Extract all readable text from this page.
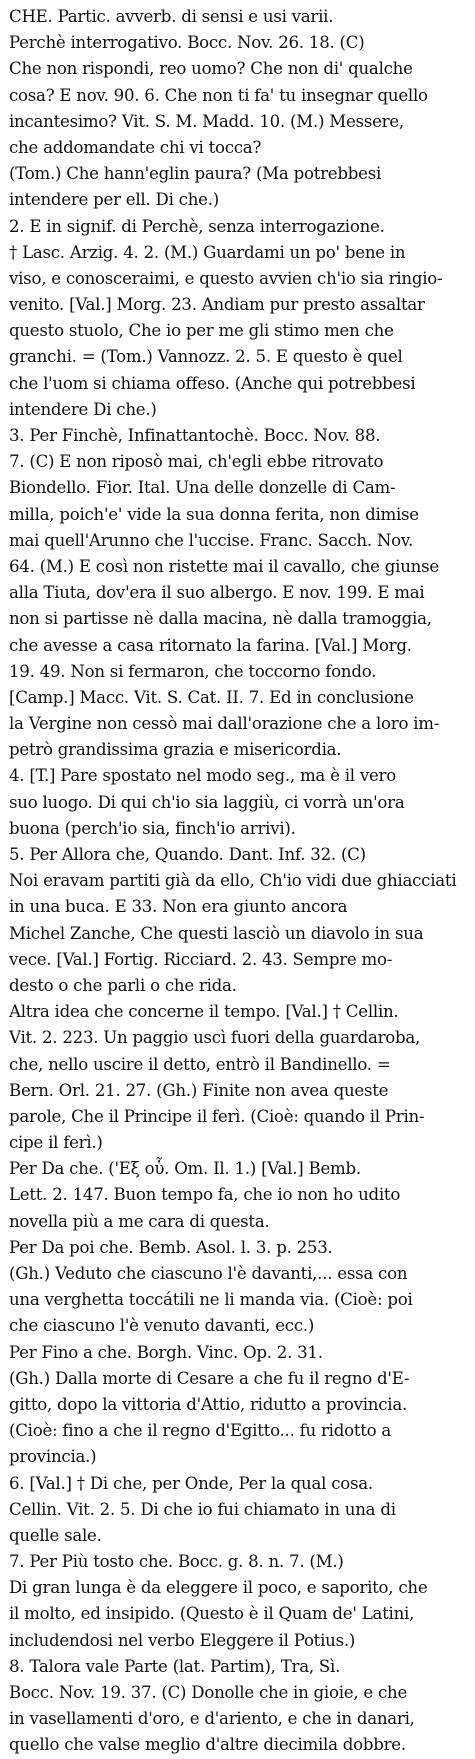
CHE. Partic. avverb. di sensi e usi varii.
Perchè interrogativo. Bocc. Nov. 26. 18. (C)
Che non rispondi, reo uomo? Che non di' qualche
cosa? E nov. 90. 6. Che non ti fa' tu insegnar quello
incantesimo? Vit. S. M. Madd. 10. (M.) Messere,
che addomandate chi vi tocca?
(Tom.) Che hann'eglin paura? (Ma potrebbesi
intendere per ell. Di che.)
2. E in signif. di Perchè, senza interrogazione.
† Lasc. Arzig. 4. 2. (M.) Guardami un po' bene in
viso, e conosceraimi, e questo avvien ch'io sia ringio-
venito. [Val.] Morg. 23. Andiam pur presto assaltar
questo stuolo, Che io per me gli stimo men che
granchi. = (Tom.) Vannozz. 2. 5. E questo è quel
che l'uom si chiama offeso. (Anche qui potrebbesi
intendere Di che.)
3. Per Finchè, Infinattantochè. Bocc. Nov. 88.
7. (C) E non riposò mai, ch'egli ebbe ritrovato
Biondello. Fior. Ital. Una delle donzelle di Cam-
milla, poich'e' vide la sua donna ferita, non dimise
mai quell'Arunno che l'uccise. Franc. Sacch. Nov.
64. (M.) E così non ristette mai il cavallo, che giunse
alla Tiuta, dov'era il suo albergo. E nov. 199. E mai
non si partisse nè dalla macina, nè dalla tramoggia,
che avesse a casa ritornato la farina. [Val.] Morg.
19. 49. Non si fermaron, che toccorno fondo.
[Camp.] Macc. Vit. S. Cat. II. 7. Ed in conclusione
la Vergine non cessò mai dall'orazione che a loro im-
petrò grandissima grazia e misericordia.
4. [T.] Pare spostato nel modo seg., ma è il vero
suo luogo. Di qui ch'io sia laggiù, ci vorrà un'ora
buona (perch'io sia, finch'io arrivi).
5. Per Allora che, Quando. Dant. Inf. 32. (C)
Noi eravam partiti già da ello, Ch'io vidi due ghiacciati
in una buca. E 33. Non era giunto ancora
Michel Zanche, Che questi lasciò un diavolo in sua
vece. [Val.] Fortig. Ricciard. 2. 43. Sempre mo-
desto o che parli o che rida.
Altra idea che concerne il tempo. [Val.] † Cellin.
Vit. 2. 223. Un paggio uscì fuori della guardaroba,
che, nello uscire il detto, entrò il Bandinello. =
Bern. Orl. 21. 27. (Gh.) Finite non avea queste
parole, Che il Principe il ferì. (Cioè: quando il Prin-
cipe il ferì.)
Per Da che. ('Εξ οὗ. Om. Il. 1.) [Val.] Bemb.
Lett. 2. 147. Buon tempo fa, che io non ho udito
novella più a me cara di questa.
Per Da poi che. Bemb. Asol. l. 3. p. 253.
(Gh.) Veduto che ciascuno l'è davanti,... essa con
una verghetta toccátili ne li manda via. (Cioè: poi
che ciascuno l'è venuto davanti, ecc.)
Per Fino a che. Borgh. Vinc. Op. 2. 31.
(Gh.) Dalla morte di Cesare a che fu il regno d'E-
gitto, dopo la vittoria d'Attio, ridutto a provincia.
(Cioè: fino a che il regno d'Egitto... fu ridotto a
provincia.)
6. [Val.] † Di che, per Onde, Per la qual cosa.
Cellin. Vit. 2. 5. Di che io fui chiamato in una di
quelle sale.
7. Per Più tosto che. Bocc. g. 8. n. 7. (M.)
Di gran lunga è da eleggere il poco, e saporito, che
il molto, ed insipido. (Questo è il Quam de' Latini,
includendosi nel verbo Eleggere il Potius.)
8. Talora vale Parte (lat. Partim), Tra, Sì.
Bocc. Nov. 19. 37. (C) Donolle che in gioie, e che
in vasellamenti d'oro, e d'ariento, e che in danari,
quello che valse meglio d'altre diecimila dobbre.
